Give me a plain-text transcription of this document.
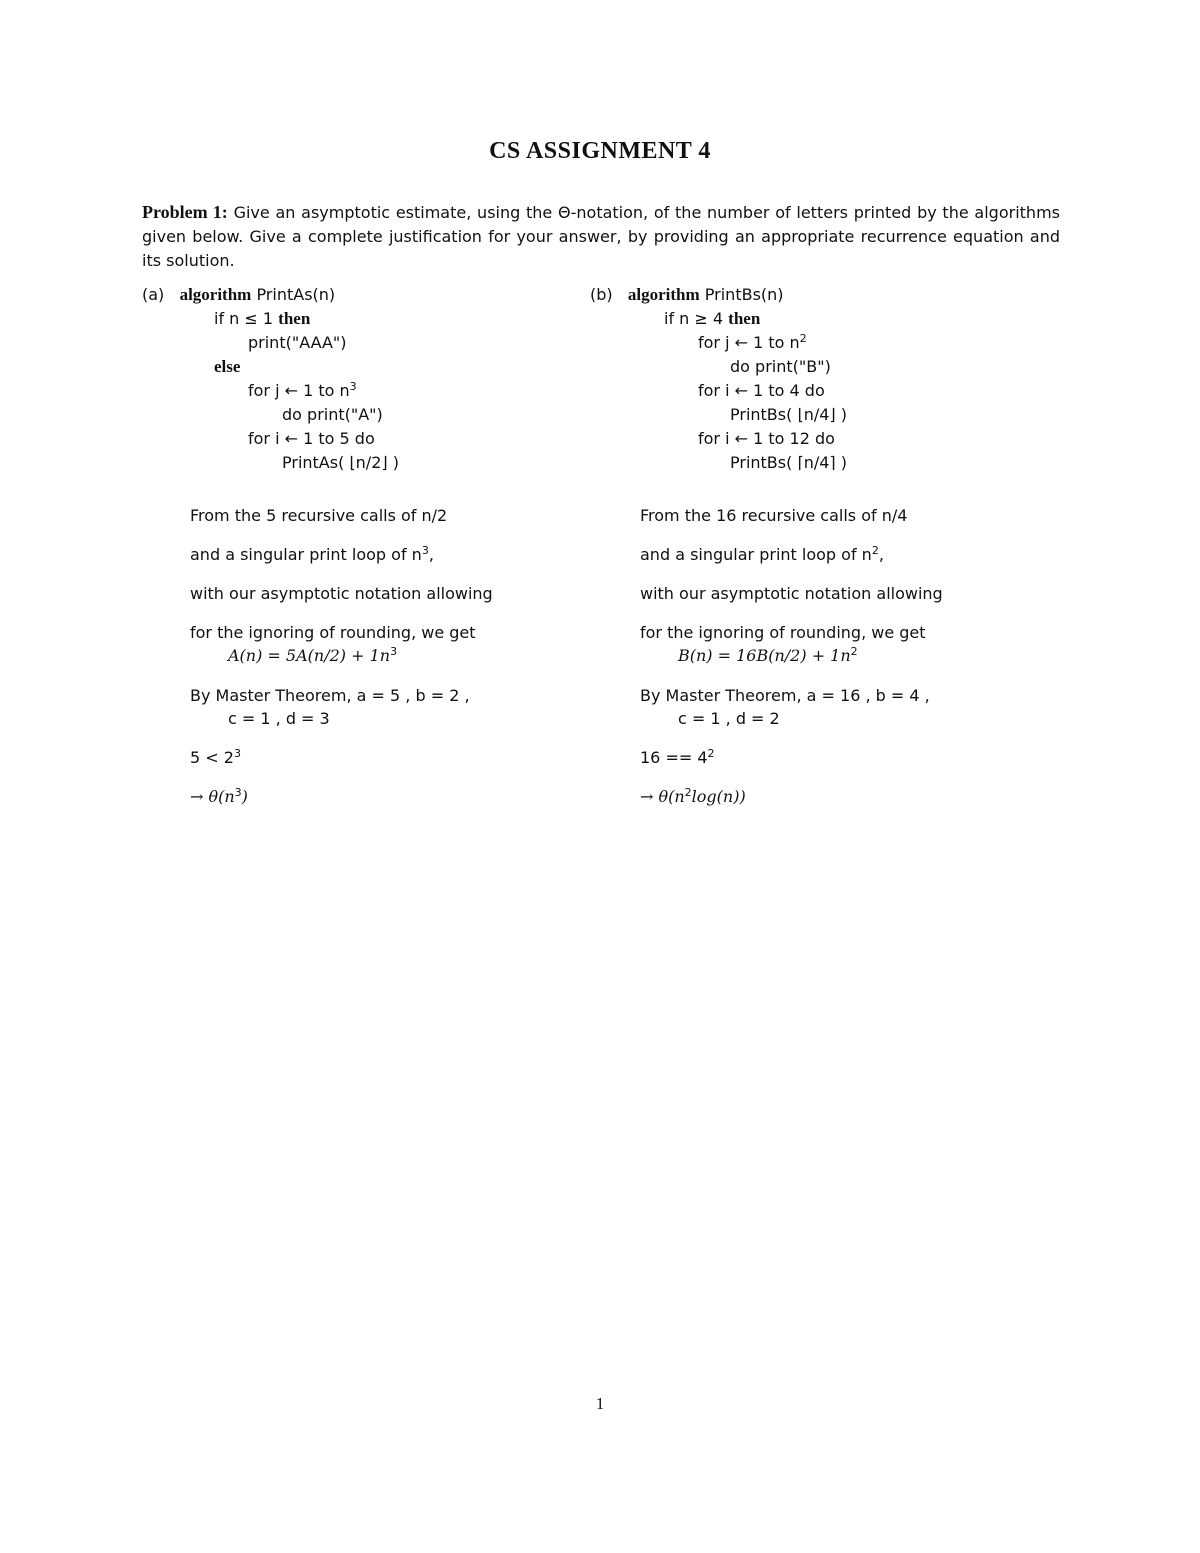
CS ASSIGNMENT 4
Problem 1: Give an asymptotic estimate, using the Θ-notation, of the number of letters printed by the algorithms given below. Give a complete justification for your answer, by providing an appropriate recurrence equation and its solution.
(a) algorithm PrintAs(n)
if n ≤ 1 then
print("AAA")
else
for j ← 1 to $n^3$
do print("A")
for i ← 1 to 5 do
PrintAs( ⌊n/2⌋ )
From the 5 recursive calls of n/2
and a singular print loop of $n^3$,
with our asymptotic notation allowing
for the ignoring of rounding, we get
$A(n) = 5A(n/2) + 1n^3$
By Master Theorem, a = 5 , b = 2 ,
c = 1 , d = 3
$5 < 2^3$
→ $\theta(n^3)$
(b) algorithm PrintBs(n)
if n ≥ 4 then
for j ← 1 to $n^2$
do print("B")
for i ← 1 to 4 do
PrintBs( ⌊n/4⌋ )
for i ← 1 to 12 do
PrintBs( ⌈n/4⌉ )
From the 16 recursive calls of n/4
and a singular print loop of $n^2$,
with our asymptotic notation allowing
for the ignoring of rounding, we get
$B(n) = 16B(n/2) + 1n^2$
By Master Theorem, a = 16 , b = 4 ,
c = 1 , d = 2
$16 == 4^2$
→ $\theta(n^2\log(n))$
1
